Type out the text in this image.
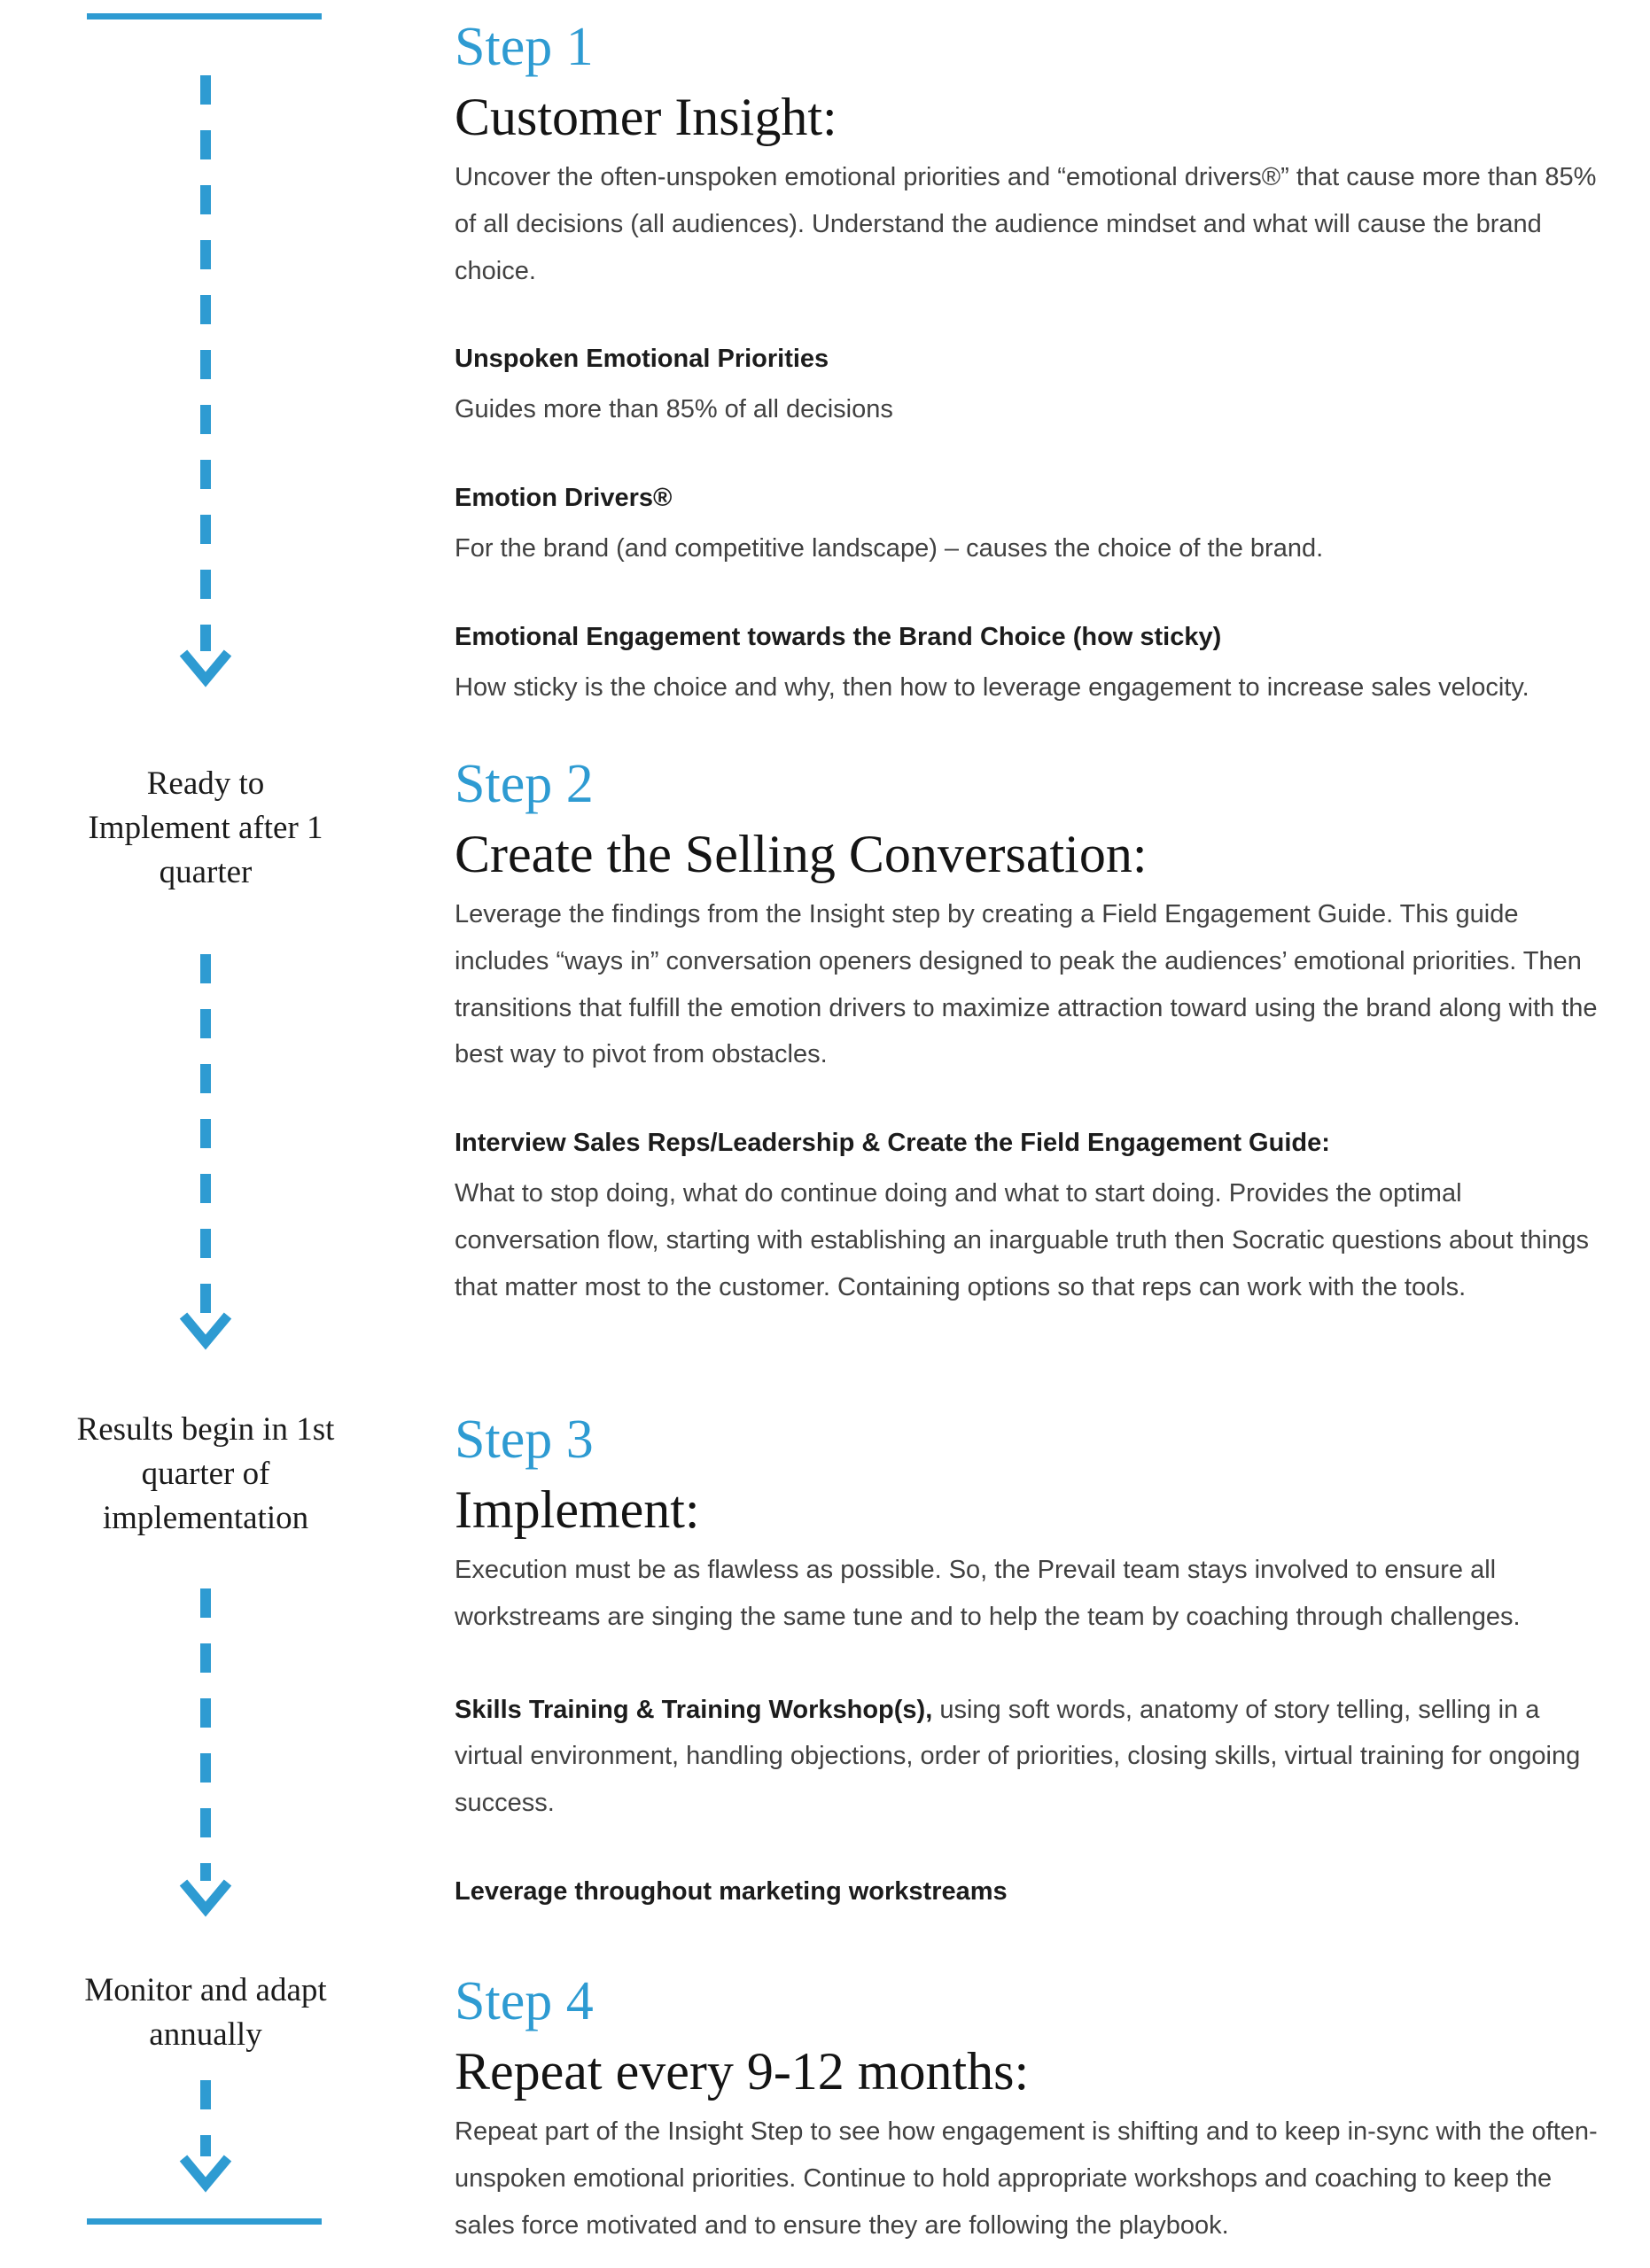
Ready to
Implement after 1
quarter
Results begin in 1st
quarter of
implementation
Monitor and adapt
annually
Step 1
Customer Insight:

Uncover the often-unspoken emotional priorities and “emotional drivers®” that cause more than 85% of all decisions (all audiences). Understand the audience mindset and what will cause the brand choice.

Unspoken Emotional Priorities

Guides more than 85% of all decisions

Emotion Drivers®

For the brand (and competitive landscape) – causes the choice of the brand.

Emotional Engagement towards the Brand Choice (how sticky)

How sticky is the choice and why, then how to leverage engagement to increase sales velocity.

Step 2
Create the Selling Conversation:

Leverage the findings from the Insight step by creating a Field Engagement Guide. This guide includes “ways in” conversation openers designed to peak the audiences’ emotional priorities. Then transitions that fulfill the emotion drivers to maximize attraction toward using the brand along with the best way to pivot from obstacles.

Interview Sales Reps/Leadership & Create the Field Engagement Guide:

What to stop doing, what do continue doing and what to start doing. Provides the optimal conversation flow, starting with establishing an inarguable truth then Socratic questions about things that matter most to the customer. Containing options so that reps can work with the tools.

Step 3
Implement:

Execution must be as flawless as possible. So, the Prevail team stays involved to ensure all workstreams are singing the same tune and to help the team by coaching through challenges.

Skills Training & Training Workshop(s), using soft words, anatomy of story telling, selling in a virtual environment, handling objections, order of priorities, closing skills, virtual training for ongoing success.

Leverage throughout marketing workstreams

Step 4
Repeat every 9-12 months:

Repeat part of the Insight Step to see how engagement is shifting and to keep in-sync with the often-unspoken emotional priorities. Continue to hold appropriate workshops and coaching to keep the sales force motivated and to ensure they are following the playbook.
